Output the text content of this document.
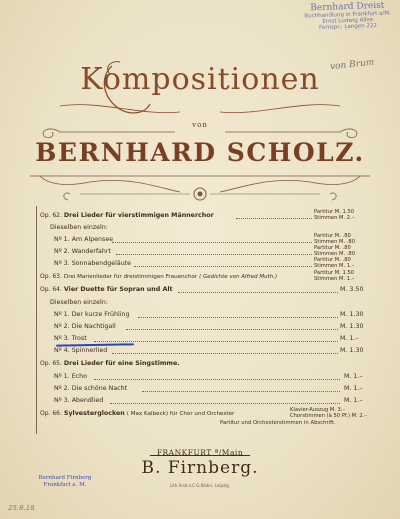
Bernhard Dreist
Buchhandlung in Frankfurt a/M.
Ernst Ludwig Allee
Fernspr.: Langen 222
von Brum
Kompositionen
von
BERNHARD SCHOLZ.
Op. 62. Drei Lieder für vierstimmigen Männerchor	Partitur M. 1.50
Stimmen M. 2.–
Dieselben einzeln:
Nº 1. Am Alpensee	Partitur M. .80
Stimmen M. .80
Nº 2. Wanderfahrt	Partitur M. .80
Stimmen M. .80
Nº 3. Sonnabendgeläute	Partitur M. .80
Stimmen M. 1.–
Op. 63. Drei Marienlieder für dreistimmigen Frauenchor ( Gedichte von Alfred Muth.)
Partitur M. 1.50
Stimmen M. 1.–
Op. 64. Vier Duette für Sopran und Alt	M. 3.50
Dieselben einzeln:
Nº 1. Der kurze Frühling	M. 1.30
Nº 2. Die Nachtigall	M. 1.30
Nº 3. Trost	M. 1.–
Nº 4. Spinnerlied	M. 1.30
Op. 65. Drei Lieder für eine Singstimme.
Nº 1. Echo	M. 1.–
Nº 2. Die schöne Nacht	M. 1.–
Nº 3. Abendlied	M. 1.–
Op. 66. Sylvesterglocken ( Max Kalbeck) für Chor und Orchester
Klavier-Auszug M. 3.–
Chorstimmen (à 50 Pf.) M. 2.–
Partitur und Orchesterstimmen in Abschrift.
FRANKFURT ª/Main
B. Firnberg.
Lith.Anst.v.C.G.Röder, Leipzig.
Bernhard Firnberg
Frankfurt a. M.
25.8.18
